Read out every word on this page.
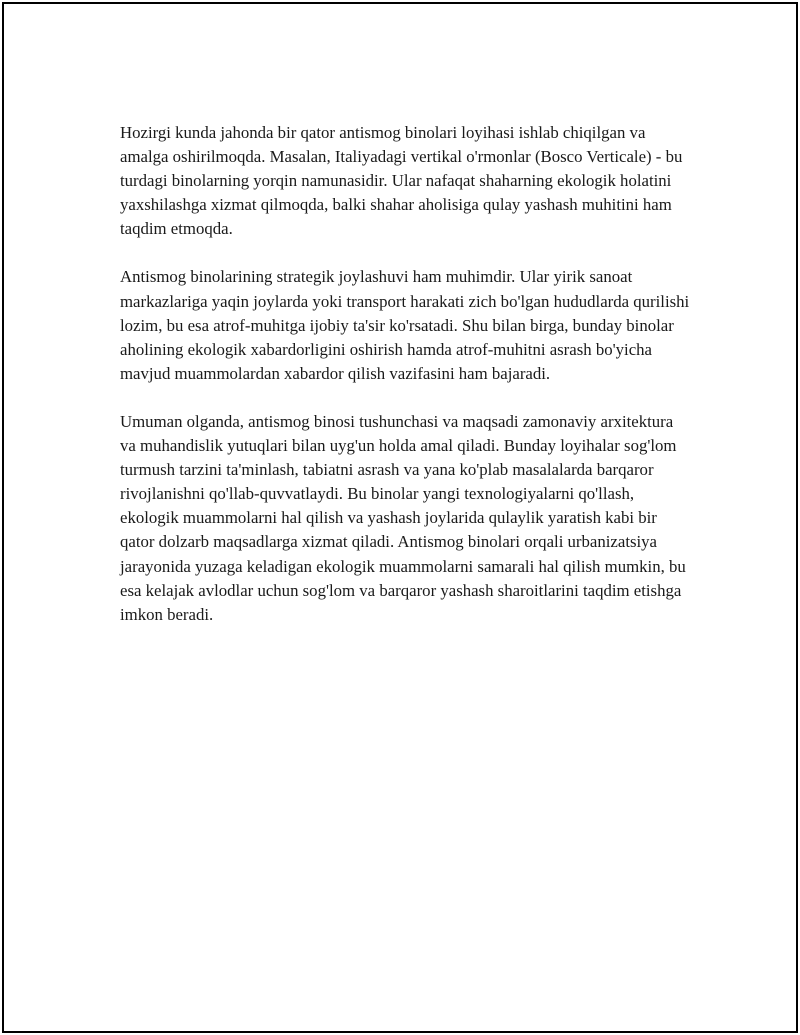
Hozirgi kunda jahonda bir qator antismog binolari loyihasi ishlab chiqilgan va amalga oshirilmoqda. Masalan, Italiyadagi vertikal o'rmonlar (Bosco Verticale) - bu turdagi binolarning yorqin namunasidir. Ular nafaqat shaharning ekologik holatini yaxshilashga xizmat qilmoqda, balki shahar aholisiga qulay yashash muhitini ham taqdim etmoqda.

Antismog binolarining strategik joylashuvi ham muhimdir. Ular yirik sanoat markazlariga yaqin joylarda yoki transport harakati zich bo'lgan hududlarda qurilishi lozim, bu esa atrof-muhitga ijobiy ta'sir ko'rsatadi. Shu bilan birga, bunday binolar aholining ekologik xabardorligini oshirish hamda atrof-muhitni asrash bo'yicha mavjud muammolardan xabardor qilish vazifasini ham bajaradi.

Umuman olganda, antismog binosi tushunchasi va maqsadi zamonaviy arxitektura va muhandislik yutuqlari bilan uyg'un holda amal qiladi. Bunday loyihalar sog'lom turmush tarzini ta'minlash, tabiatni asrash va yana ko'plab masalalarda barqaror rivojlanishni qo'llab-quvvatlaydi. Bu binolar yangi texnologiyalarni qo'llash, ekologik muammolarni hal qilish va yashash joylarida qulaylik yaratish kabi bir qator dolzarb maqsadlarga xizmat qiladi. Antismog binolari orqali urbanizatsiya jarayonida yuzaga keladigan ekologik muammolarni samarali hal qilish mumkin, bu esa kelajak avlodlar uchun sog'lom va barqaror yashash sharoitlarini taqdim etishga imkon beradi.
